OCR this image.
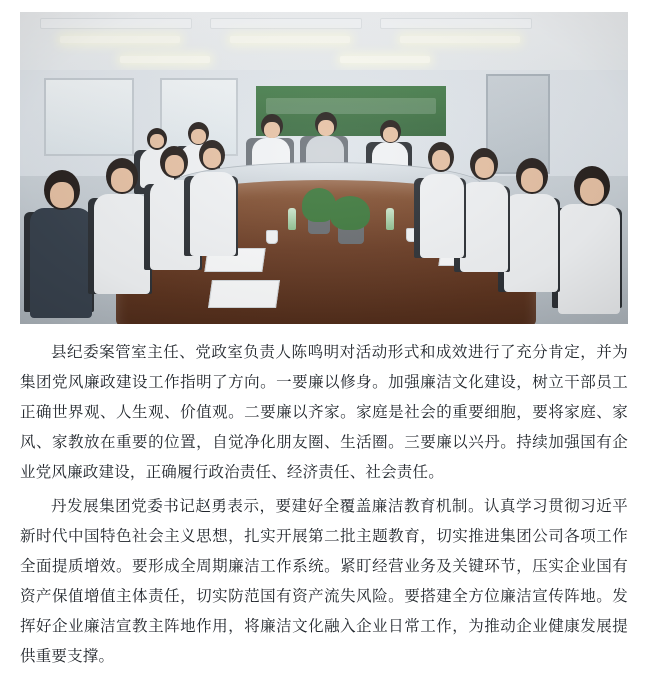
县纪委案管室主任、党政室负责人陈鸣明对活动形式和成效进行了充分肯定，并为集团党风廉政建设工作指明了方向。一要廉以修身。加强廉洁文化建设，树立干部员工正确世界观、人生观、价值观。二要廉以齐家。家庭是社会的重要细胞，要将家庭、家风、家教放在重要的位置，自觉净化朋友圈、生活圈。三要廉以兴丹。持续加强国有企业党风廉政建设，正确履行政治责任、经济责任、社会责任。

丹发展集团党委书记赵勇表示，要建好全覆盖廉洁教育机制。认真学习贯彻习近平新时代中国特色社会主义思想，扎实开展第二批主题教育，切实推进集团公司各项工作全面提质增效。要形成全周期廉洁工作系统。紧盯经营业务及关键环节，压实企业国有资产保值增值主体责任，切实防范国有资产流失风险。要搭建全方位廉洁宣传阵地。发挥好企业廉洁宣教主阵地作用，将廉洁文化融入企业日常工作，为推动企业健康发展提供重要支撑。
